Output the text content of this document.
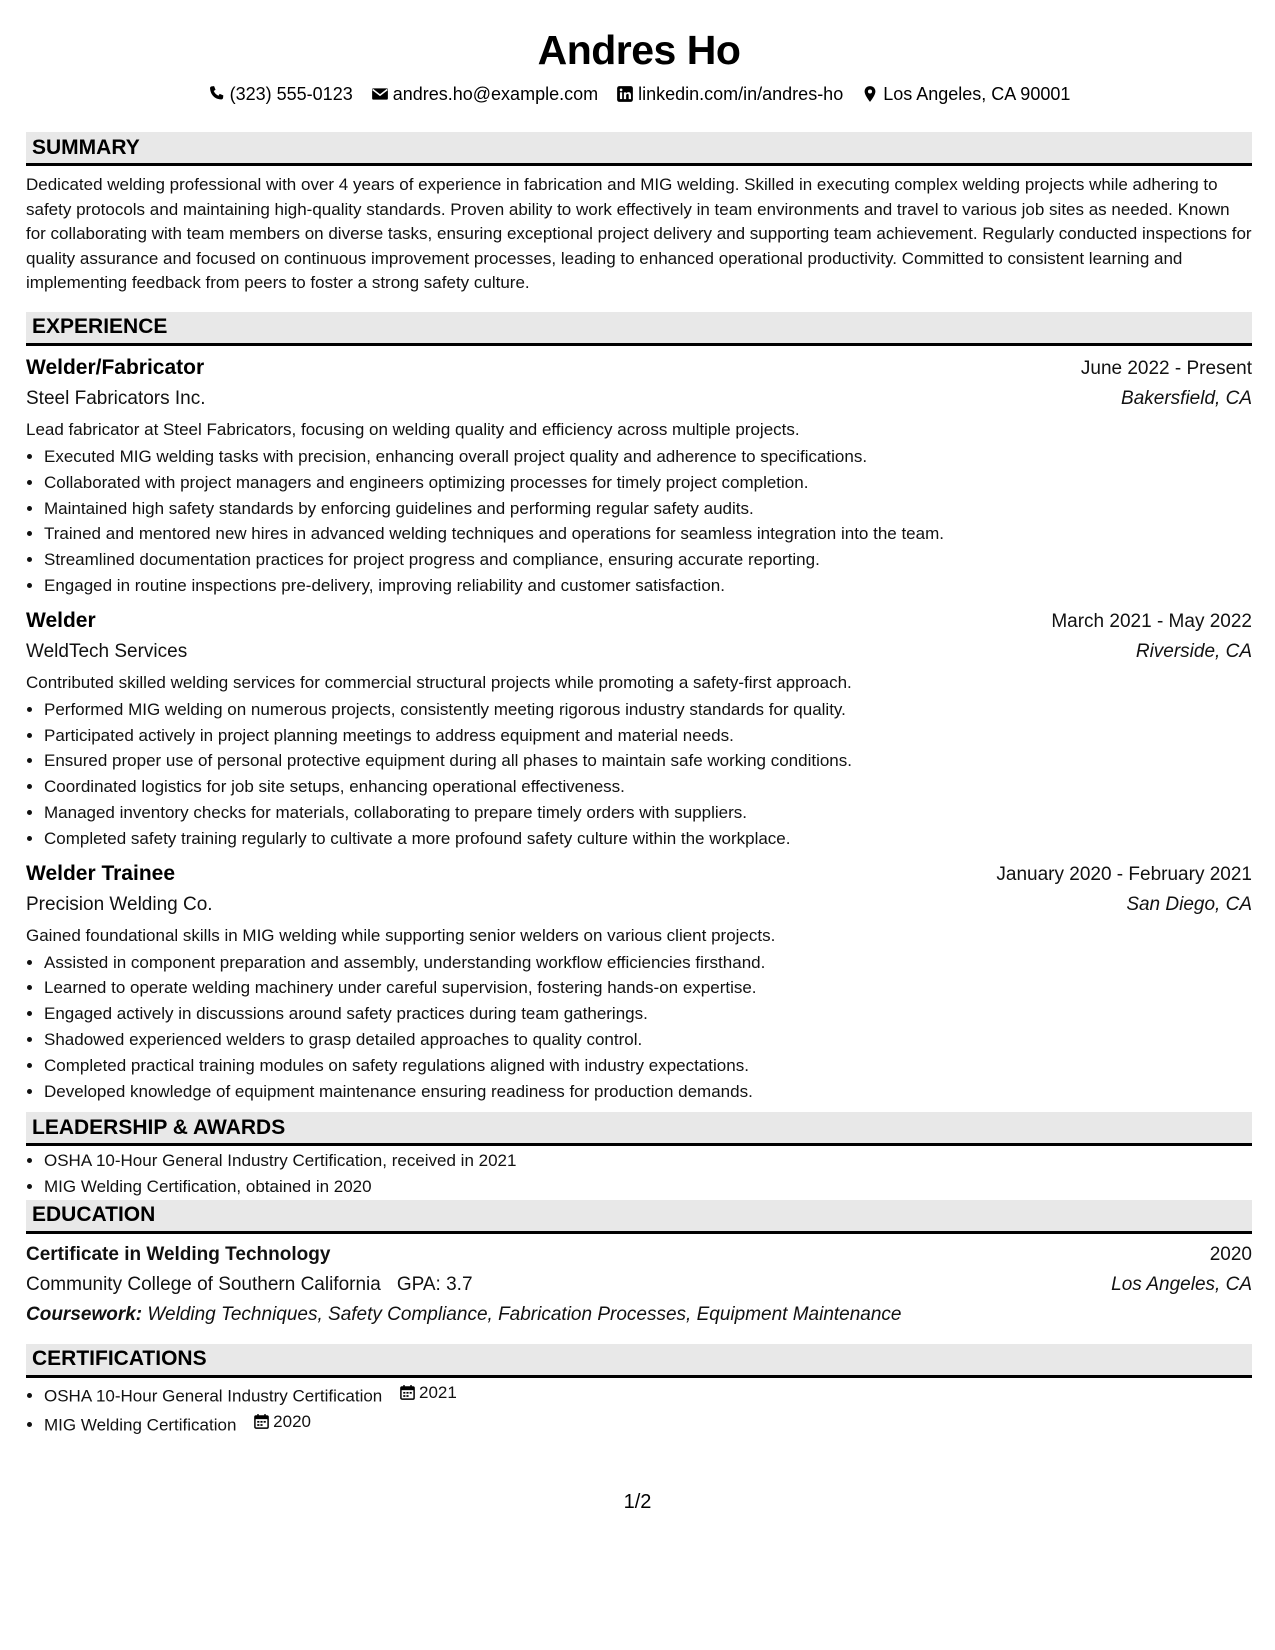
Andres Ho
(323) 555-0123 andres.ho@example.com linkedin.com/in/andres-ho Los Angeles, CA 90001
SUMMARY
Dedicated welding professional with over 4 years of experience in fabrication and MIG welding. Skilled in executing complex welding projects while adhering to safety protocols and maintaining high-quality standards. Proven ability to work effectively in team environments and travel to various job sites as needed. Known for collaborating with team members on diverse tasks, ensuring exceptional project delivery and supporting team achievement. Regularly conducted inspections for quality assurance and focused on continuous improvement processes, leading to enhanced operational productivity. Committed to consistent learning and implementing feedback from peers to foster a strong safety culture.
EXPERIENCE
Welder/Fabricator	June 2022 - Present
Steel Fabricators Inc.	Bakersfield, CA
Lead fabricator at Steel Fabricators, focusing on welding quality and efficiency across multiple projects.
• Executed MIG welding tasks with precision, enhancing overall project quality and adherence to specifications.
• Collaborated with project managers and engineers optimizing processes for timely project completion.
• Maintained high safety standards by enforcing guidelines and performing regular safety audits.
• Trained and mentored new hires in advanced welding techniques and operations for seamless integration into the team.
• Streamlined documentation practices for project progress and compliance, ensuring accurate reporting.
• Engaged in routine inspections pre-delivery, improving reliability and customer satisfaction.
Welder	March 2021 - May 2022
WeldTech Services	Riverside, CA
Contributed skilled welding services for commercial structural projects while promoting a safety-first approach.
• Performed MIG welding on numerous projects, consistently meeting rigorous industry standards for quality.
• Participated actively in project planning meetings to address equipment and material needs.
• Ensured proper use of personal protective equipment during all phases to maintain safe working conditions.
• Coordinated logistics for job site setups, enhancing operational effectiveness.
• Managed inventory checks for materials, collaborating to prepare timely orders with suppliers.
• Completed safety training regularly to cultivate a more profound safety culture within the workplace.
Welder Trainee	January 2020 - February 2021
Precision Welding Co.	San Diego, CA
Gained foundational skills in MIG welding while supporting senior welders on various client projects.
• Assisted in component preparation and assembly, understanding workflow efficiencies firsthand.
• Learned to operate welding machinery under careful supervision, fostering hands-on expertise.
• Engaged actively in discussions around safety practices during team gatherings.
• Shadowed experienced welders to grasp detailed approaches to quality control.
• Completed practical training modules on safety regulations aligned with industry expectations.
• Developed knowledge of equipment maintenance ensuring readiness for production demands.
LEADERSHIP & AWARDS
• OSHA 10-Hour General Industry Certification, received in 2021
• MIG Welding Certification, obtained in 2020
EDUCATION
Certificate in Welding Technology	2020
Community College of Southern California GPA: 3.7	Los Angeles, CA
Coursework: Welding Techniques, Safety Compliance, Fabrication Processes, Equipment Maintenance
CERTIFICATIONS
• OSHA 10-Hour General Industry Certification 2021
• MIG Welding Certification 2020
1/2
